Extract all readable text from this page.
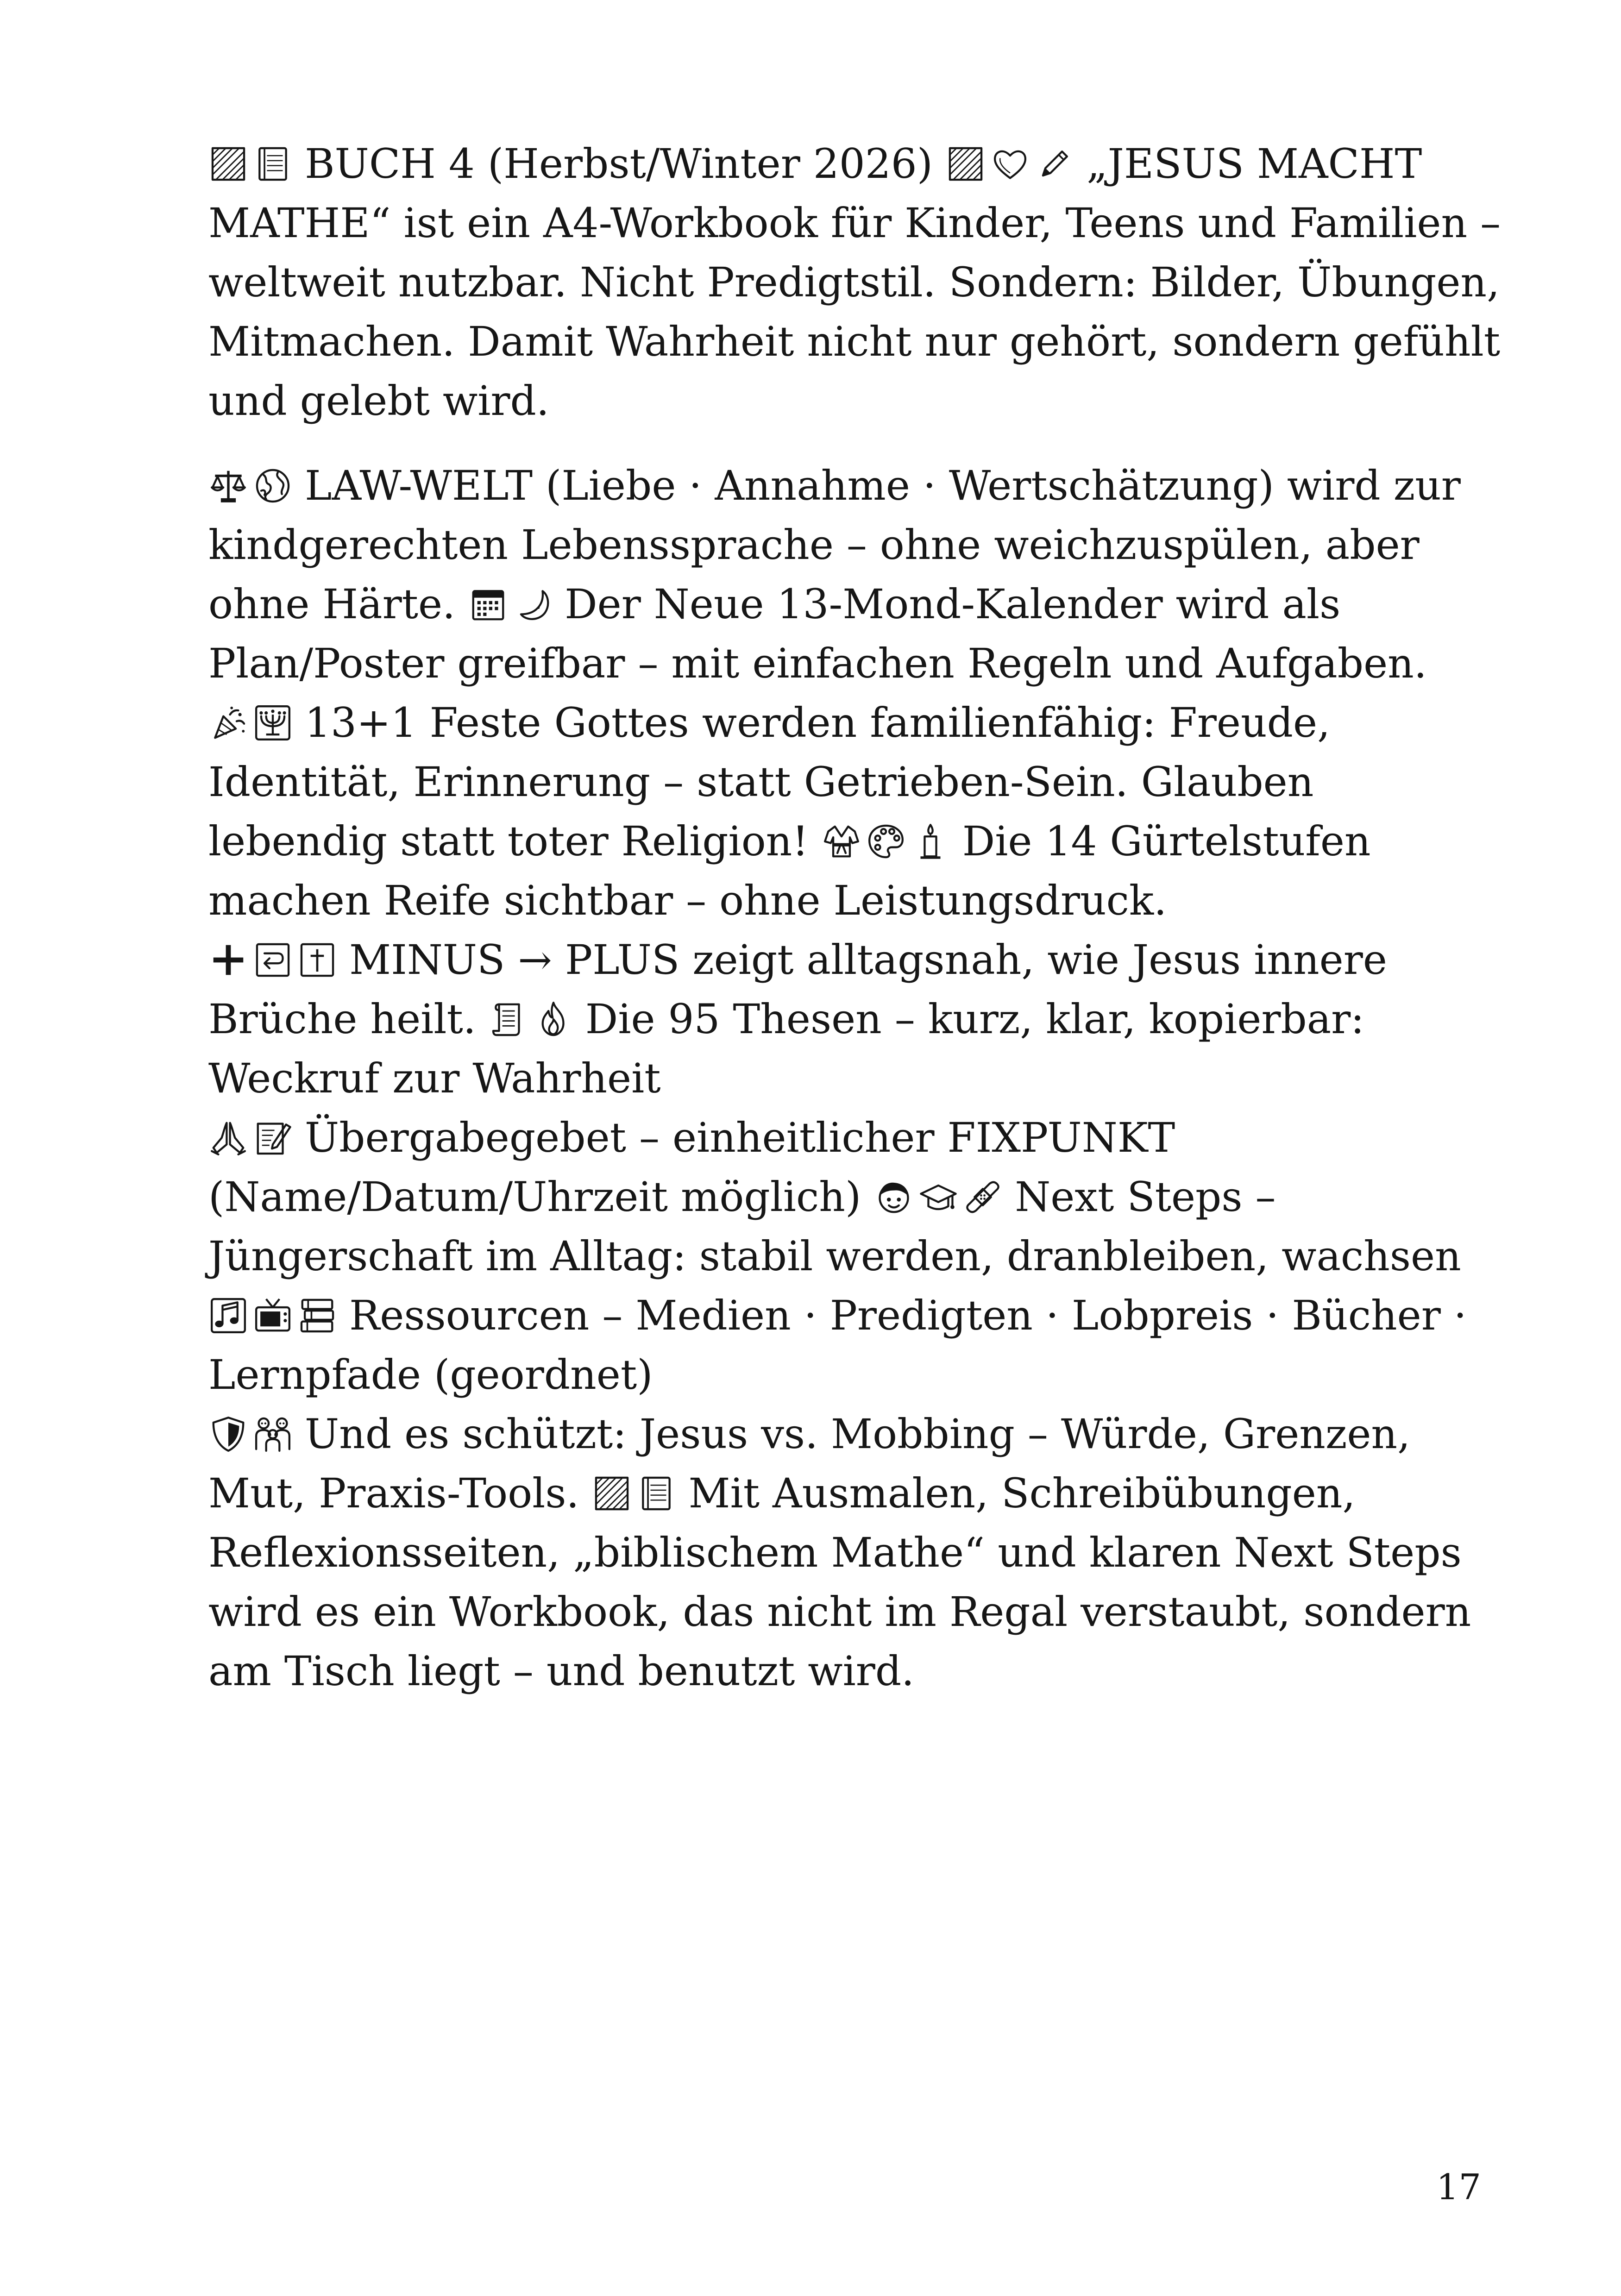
BUCH 4 (Herbst/Winter 2026)	„JESUS MACHT MATHE“ ist ein A4-Workbook für Kinder, Teens und Familien – weltweit nutzbar. Nicht Predigtstil. Sondern: Bilder, Übungen, Mitmachen. Damit Wahrheit nicht nur gehört, sondern gefühlt und gelebt wird.

LAW-WELT (Liebe · Annahme · Wertschätzung) wird zur kindgerechten Lebenssprache – ohne weichzuspülen, aber ohne Härte.	Der Neue 13-Mond-Kalender wird als Plan/Poster greifbar – mit einfachen Regeln und Aufgaben.

13+1 Feste Gottes werden familienfähig: Freude, Identität, Erinnerung – statt Getrieben-Sein. Glauben lebendig statt toter Religion!	Die 14 Gürtelstufen machen Reife sichtbar – ohne Leistungsdruck.

MINUS → PLUS zeigt alltagsnah, wie Jesus innere Brüche heilt.	Die 95 Thesen – kurz, klar, kopierbar: Weckruf zur Wahrheit

Übergabegebet – einheitlicher FIXPUNKT (Name/Datum/Uhrzeit möglich)	Next Steps – Jüngerschaft im Alltag: stabil werden, dranbleiben, wachsen

Ressourcen – Medien · Predigten · Lobpreis · Bücher · Lernpfade (geordnet)

Und es schützt: Jesus vs. Mobbing – Würde, Grenzen, Mut, Praxis-Tools.	Mit Ausmalen, Schreibübungen, Reflexionsseiten, „biblischem Mathe“ und klaren Next Steps wird es ein Workbook, das nicht im Regal verstaubt, sondern am Tisch liegt – und benutzt wird.

17
